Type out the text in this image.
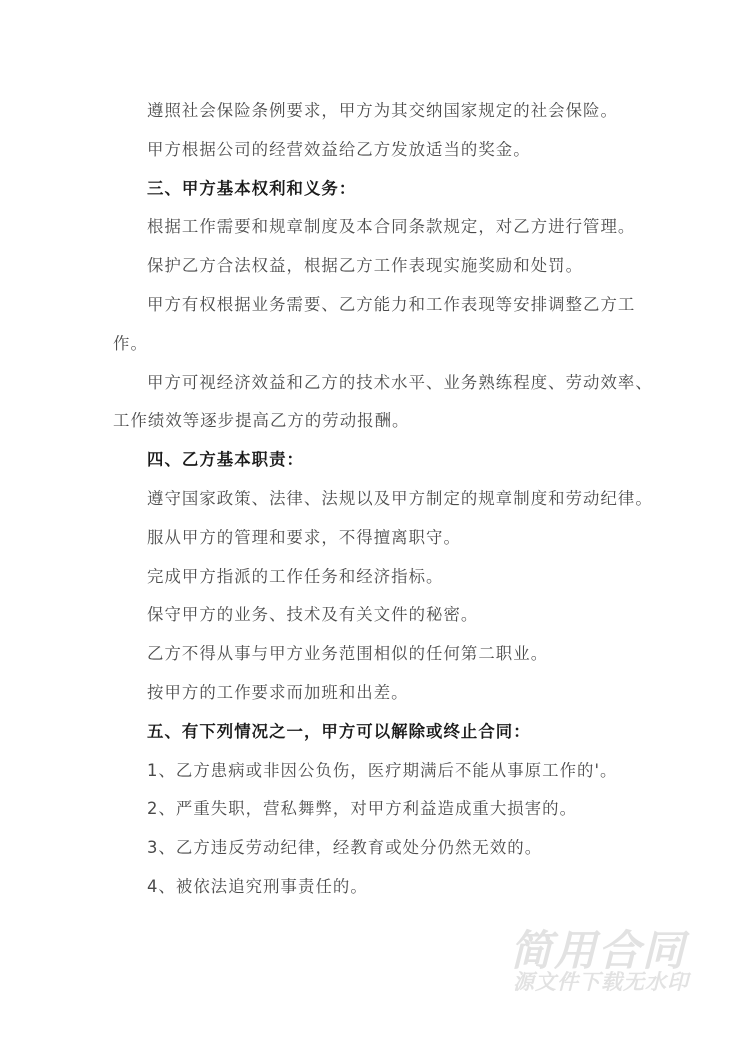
遵照社会保险条例要求，甲方为其交纳国家规定的社会保险。
甲方根据公司的经营效益给乙方发放适当的奖金。
三、甲方基本权利和义务：
根据工作需要和规章制度及本合同条款规定，对乙方进行管理。
保护乙方合法权益，根据乙方工作表现实施奖励和处罚。
甲方有权根据业务需要、乙方能力和工作表现等安排调整乙方工
作。
甲方可视经济效益和乙方的技术水平、业务熟练程度、劳动效率、
工作绩效等逐步提高乙方的劳动报酬。
四、乙方基本职责：
遵守国家政策、法律、法规以及甲方制定的规章制度和劳动纪律。
服从甲方的管理和要求，不得擅离职守。
完成甲方指派的工作任务和经济指标。
保守甲方的业务、技术及有关文件的秘密。
乙方不得从事与甲方业务范围相似的任何第二职业。
按甲方的工作要求而加班和出差。
五、有下列情况之一，甲方可以解除或终止合同：
1、乙方患病或非因公负伤，医疗期满后不能从事原工作的'。
2、严重失职，营私舞弊，对甲方利益造成重大损害的。
3、乙方违反劳动纪律，经教育或处分仍然无效的。
4、被依法追究刑事责任的。
简用合同
源文件下载无水印
